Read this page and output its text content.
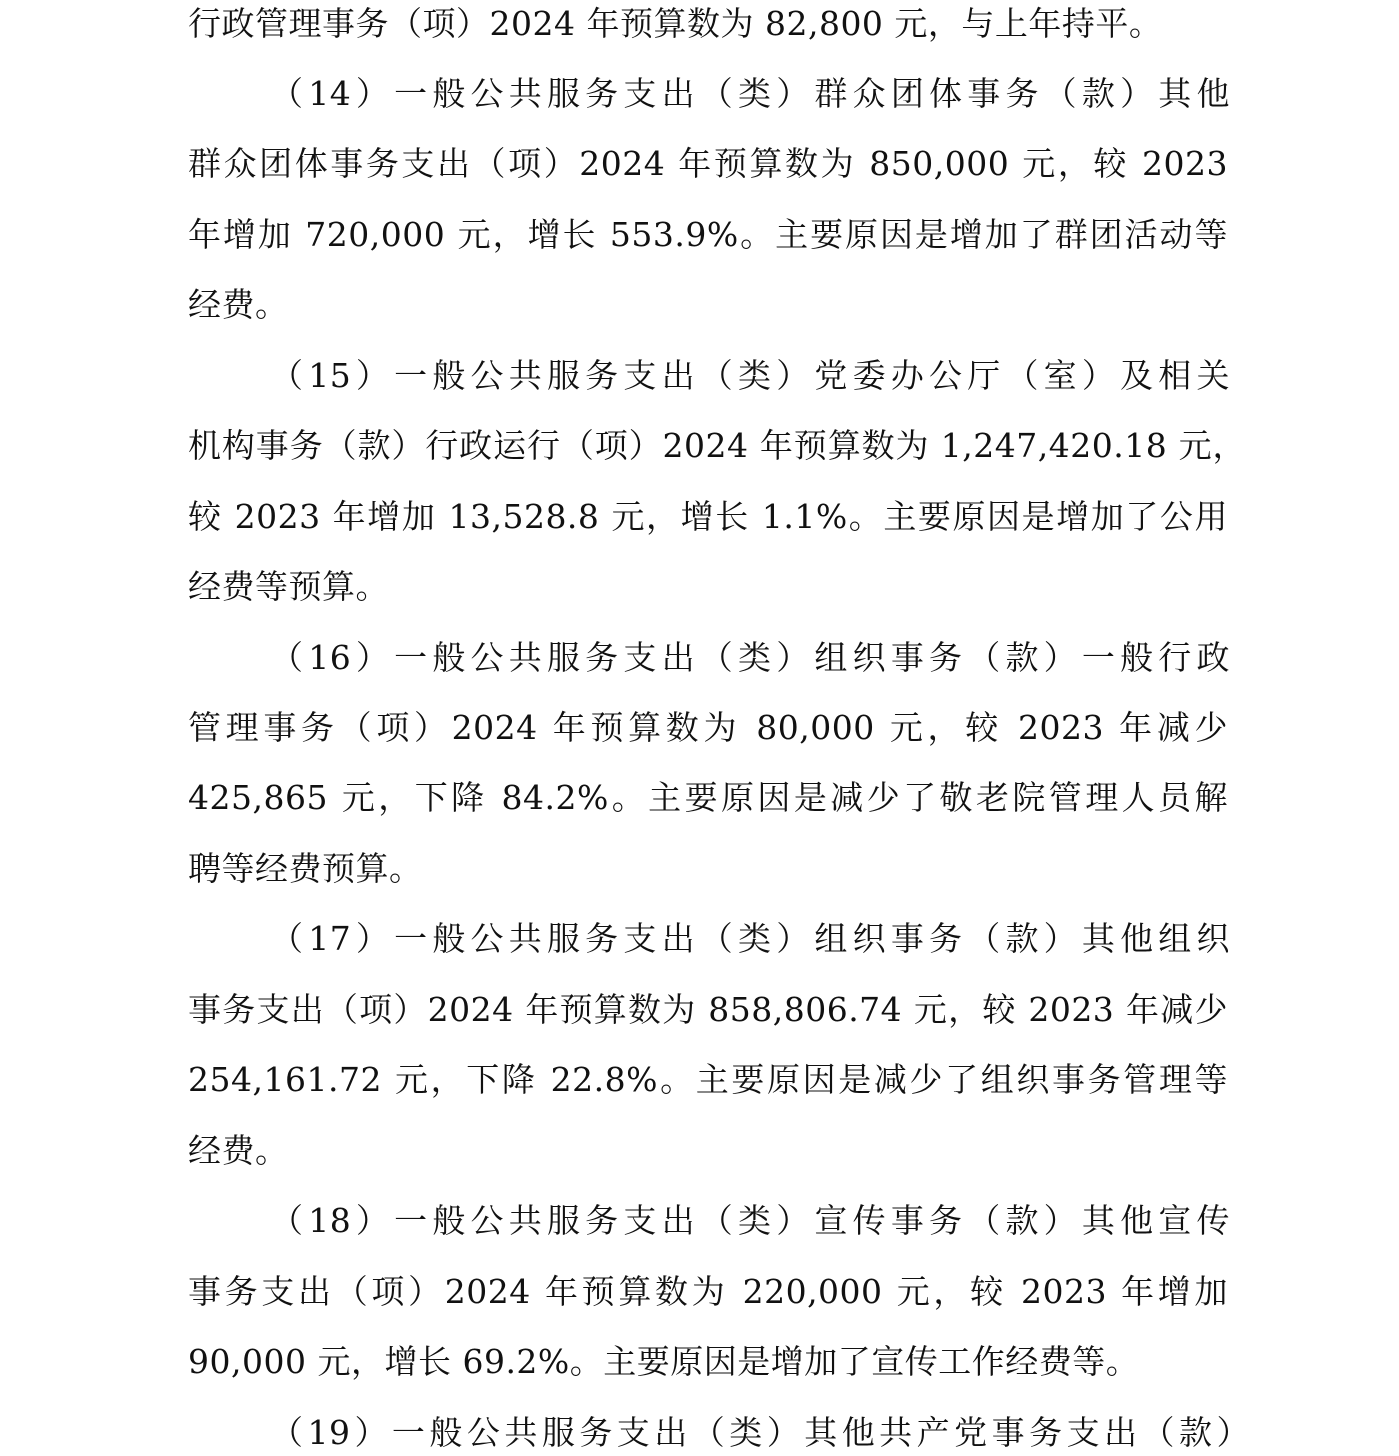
行政管理事务（项）2024 年预算数为 82,800 元，与上年持平。
（14）一般公共服务支出（类）群众团体事务（款）其他
群众团体事务支出（项）2024 年预算数为 850,000 元，较 2023
年增加 720,000 元，增长 553.9%。主要原因是增加了群团活动等
经费。
（15）一般公共服务支出（类）党委办公厅（室）及相关
机构事务（款）行政运行（项）2024 年预算数为 1,247,420.18 元，
较 2023 年增加 13,528.8 元，增长 1.1%。主要原因是增加了公用
经费等预算。
（16）一般公共服务支出（类）组织事务（款）一般行政
管理事务（项）2024 年预算数为 80,000 元，较 2023 年减少
425,865 元，下降 84.2%。主要原因是减少了敬老院管理人员解
聘等经费预算。
（17）一般公共服务支出（类）组织事务（款）其他组织
事务支出（项）2024 年预算数为 858,806.74 元，较 2023 年减少
254,161.72 元，下降 22.8%。主要原因是减少了组织事务管理等
经费。
（18）一般公共服务支出（类）宣传事务（款）其他宣传
事务支出（项）2024 年预算数为 220,000 元，较 2023 年增加
90,000 元，增长 69.2%。主要原因是增加了宣传工作经费等。
（19）一般公共服务支出（类）其他共产党事务支出（款）
